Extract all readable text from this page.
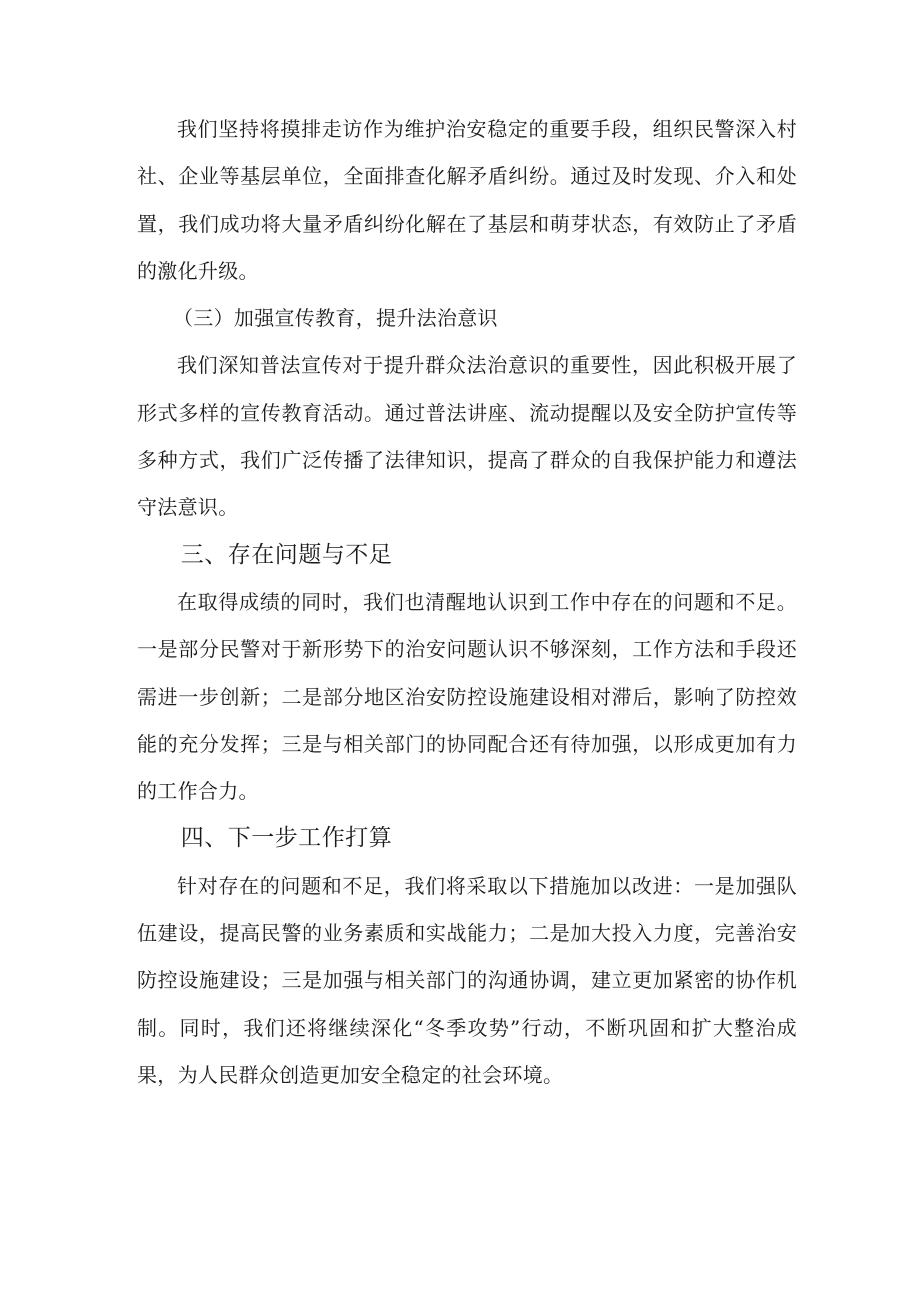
我们坚持将摸排走访作为维护治安稳定的重要手段，组织民警深入村社、企业等基层单位，全面排查化解矛盾纠纷。通过及时发现、介入和处置，我们成功将大量矛盾纠纷化解在了基层和萌芽状态，有效防止了矛盾的激化升级。

（三）加强宣传教育，提升法治意识

我们深知普法宣传对于提升群众法治意识的重要性，因此积极开展了形式多样的宣传教育活动。通过普法讲座、流动提醒以及安全防护宣传等多种方式，我们广泛传播了法律知识，提高了群众的自我保护能力和遵法守法意识。

三、存在问题与不足

在取得成绩的同时，我们也清醒地认识到工作中存在的问题和不足。一是部分民警对于新形势下的治安问题认识不够深刻，工作方法和手段还需进一步创新；二是部分地区治安防控设施建设相对滞后，影响了防控效能的充分发挥；三是与相关部门的协同配合还有待加强，以形成更加有力的工作合力。

四、下一步工作打算

针对存在的问题和不足，我们将采取以下措施加以改进：一是加强队伍建设，提高民警的业务素质和实战能力；二是加大投入力度，完善治安防控设施建设；三是加强与相关部门的沟通协调，建立更加紧密的协作机制。同时，我们还将继续深化“冬季攻势”行动，不断巩固和扩大整治成果，为人民群众创造更加安全稳定的社会环境。
